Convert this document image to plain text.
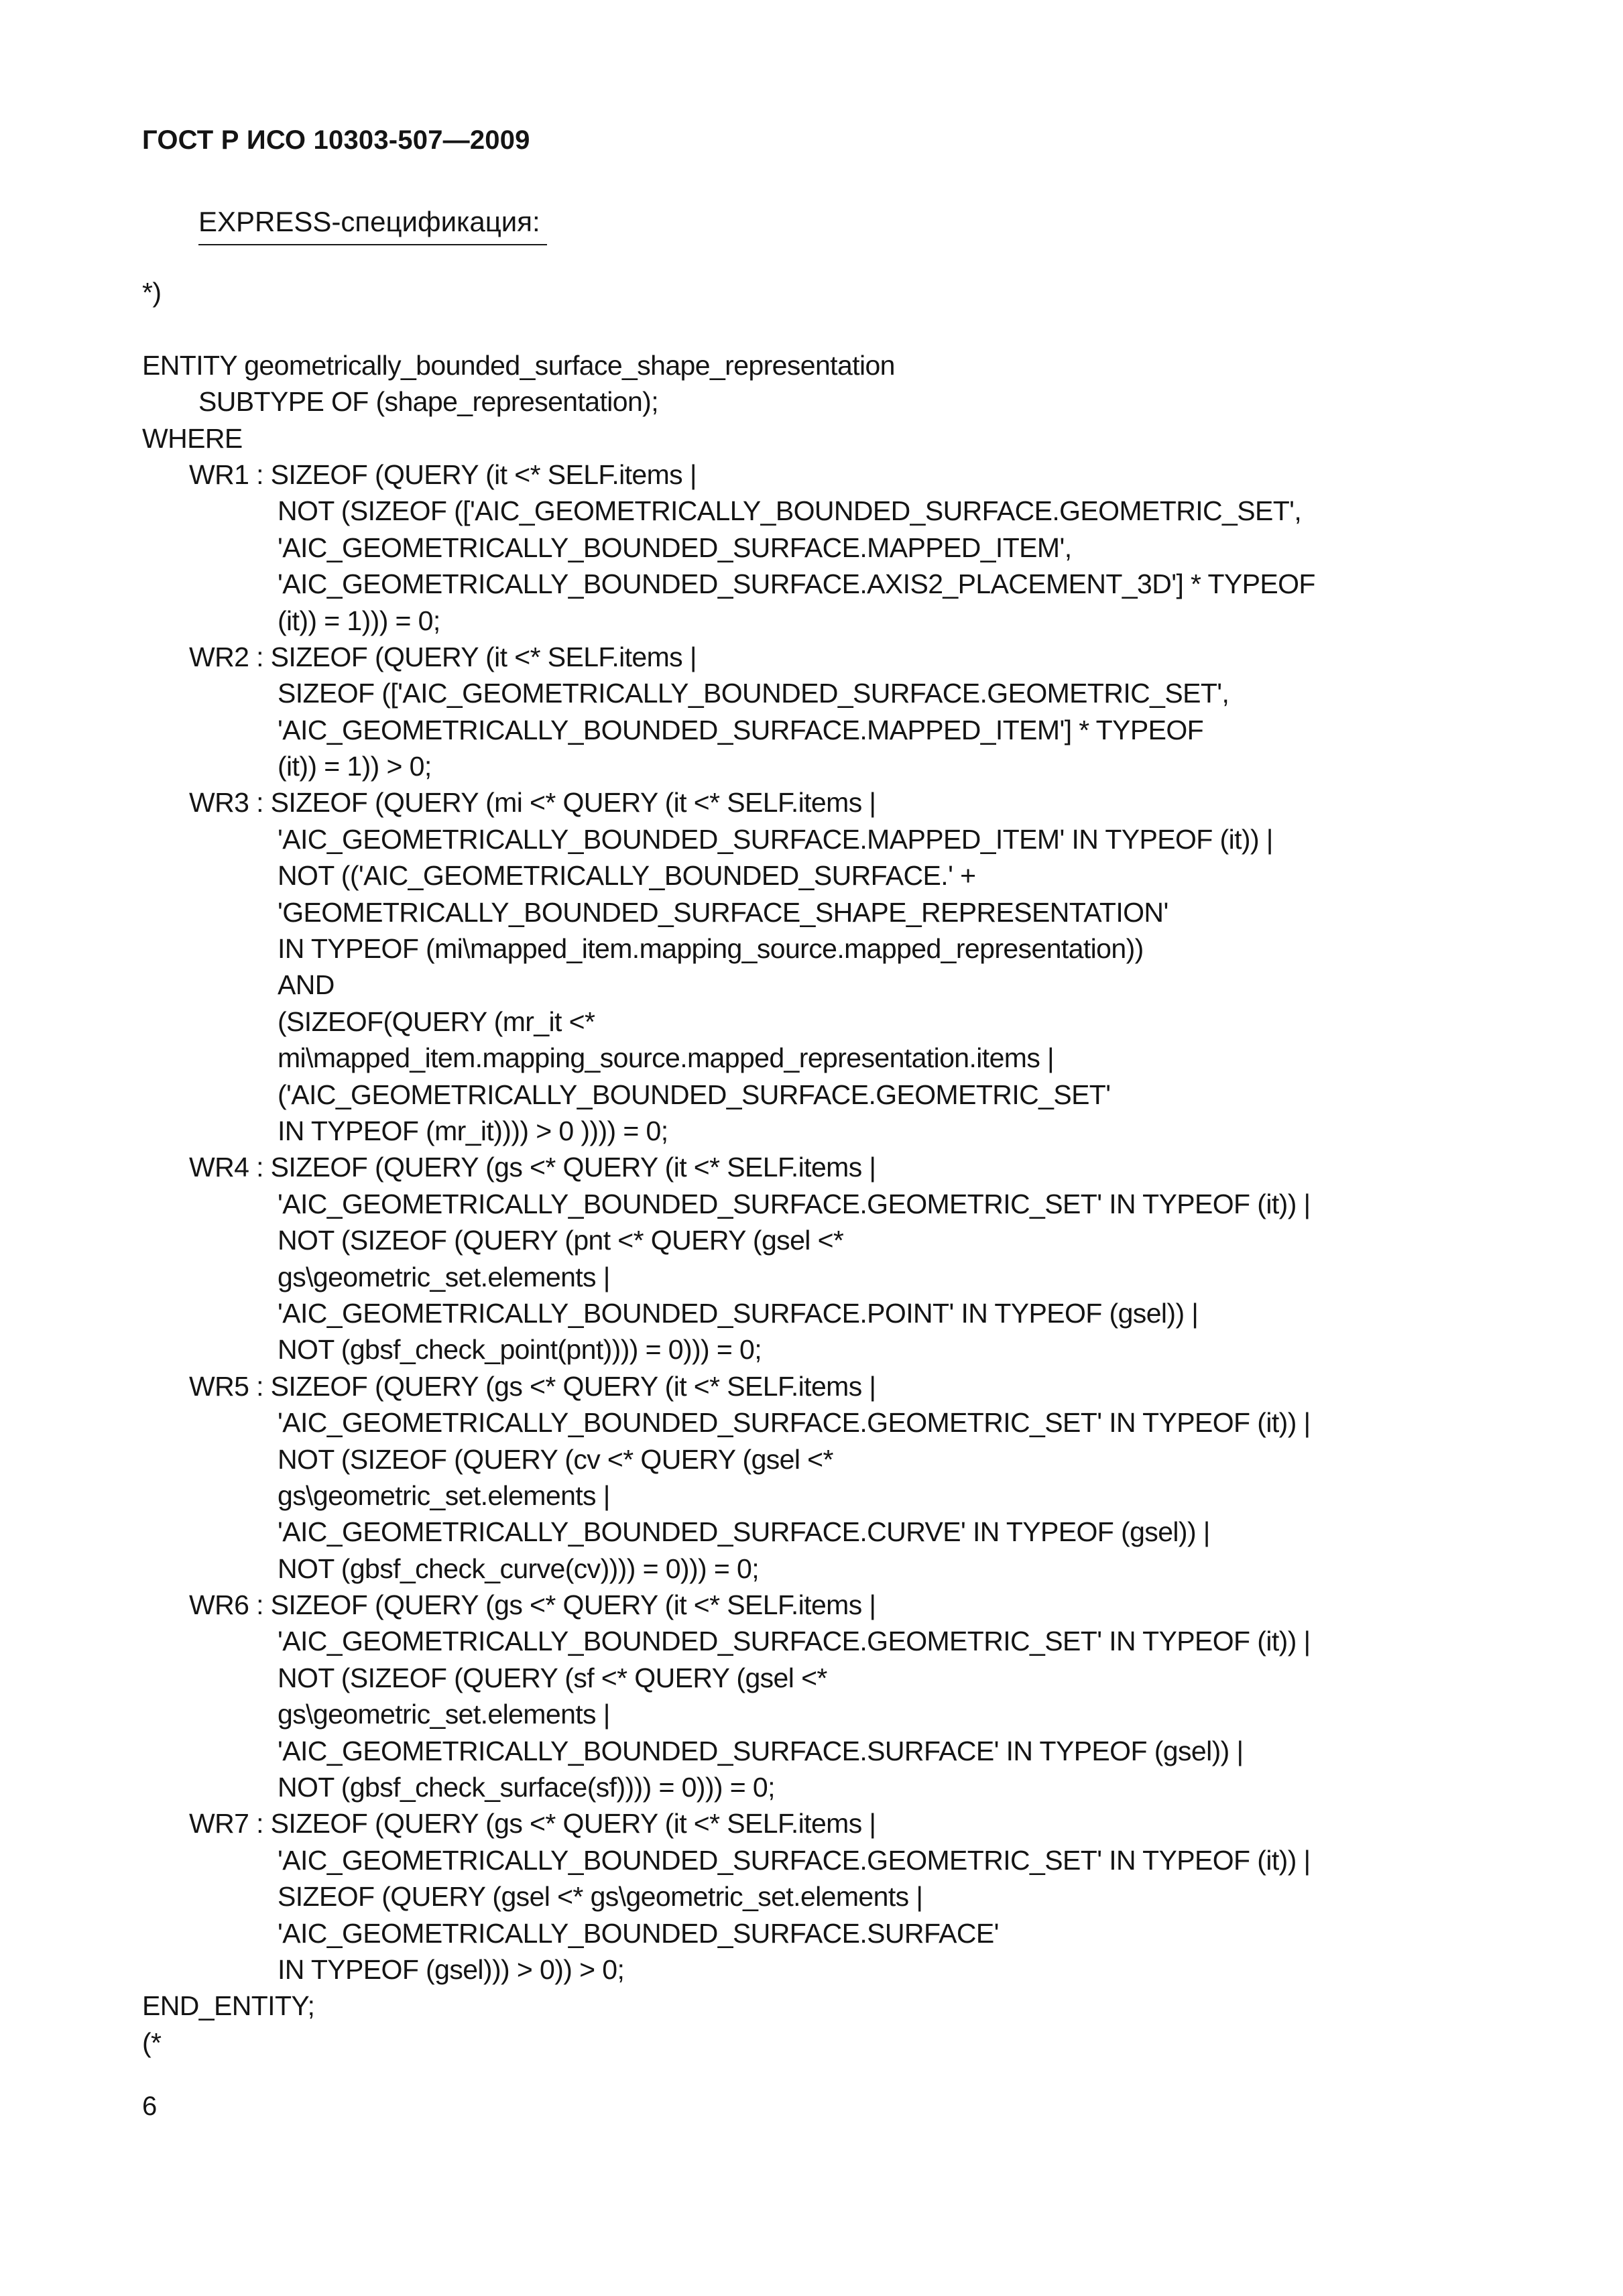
ГОСТ Р ИСО 10303-507—2009
EXPRESS-спецификация:
*)
ENTITY geometrically_bounded_surface_shape_representation
SUBTYPE OF (shape_representation);
WHERE
WR1 : SIZEOF (QUERY (it <* SELF.items |
NOT (SIZEOF (['AIC_GEOMETRICALLY_BOUNDED_SURFACE.GEOMETRIC_SET',
'AIC_GEOMETRICALLY_BOUNDED_SURFACE.MAPPED_ITEM',
'AIC_GEOMETRICALLY_BOUNDED_SURFACE.AXIS2_PLACEMENT_3D'] * TYPEOF
(it)) = 1))) = 0;
WR2 : SIZEOF (QUERY (it <* SELF.items |
SIZEOF (['AIC_GEOMETRICALLY_BOUNDED_SURFACE.GEOMETRIC_SET',
'AIC_GEOMETRICALLY_BOUNDED_SURFACE.MAPPED_ITEM'] * TYPEOF
(it)) = 1)) > 0;
WR3 : SIZEOF (QUERY (mi <* QUERY (it <* SELF.items |
'AIC_GEOMETRICALLY_BOUNDED_SURFACE.MAPPED_ITEM' IN TYPEOF (it)) |
NOT (('AIC_GEOMETRICALLY_BOUNDED_SURFACE.' +
'GEOMETRICALLY_BOUNDED_SURFACE_SHAPE_REPRESENTATION'
IN TYPEOF (mi\mapped_item.mapping_source.mapped_representation))
AND
(SIZEOF(QUERY (mr_it <*
mi\mapped_item.mapping_source.mapped_representation.items |
('AIC_GEOMETRICALLY_BOUNDED_SURFACE.GEOMETRIC_SET'
IN TYPEOF (mr_it)))) > 0 )))) = 0;
WR4 : SIZEOF (QUERY (gs <* QUERY (it <* SELF.items |
'AIC_GEOMETRICALLY_BOUNDED_SURFACE.GEOMETRIC_SET' IN TYPEOF (it)) |
NOT (SIZEOF (QUERY (pnt <* QUERY (gsel <*
gs\geometric_set.elements |
'AIC_GEOMETRICALLY_BOUNDED_SURFACE.POINT' IN TYPEOF (gsel)) |
NOT (gbsf_check_point(pnt)))) = 0))) = 0;
WR5 : SIZEOF (QUERY (gs <* QUERY (it <* SELF.items |
'AIC_GEOMETRICALLY_BOUNDED_SURFACE.GEOMETRIC_SET' IN TYPEOF (it)) |
NOT (SIZEOF (QUERY (cv <* QUERY (gsel <*
gs\geometric_set.elements |
'AIC_GEOMETRICALLY_BOUNDED_SURFACE.CURVE' IN TYPEOF (gsel)) |
NOT (gbsf_check_curve(cv)))) = 0))) = 0;
WR6 : SIZEOF (QUERY (gs <* QUERY (it <* SELF.items |
'AIC_GEOMETRICALLY_BOUNDED_SURFACE.GEOMETRIC_SET' IN TYPEOF (it)) |
NOT (SIZEOF (QUERY (sf <* QUERY (gsel <*
gs\geometric_set.elements |
'AIC_GEOMETRICALLY_BOUNDED_SURFACE.SURFACE' IN TYPEOF (gsel)) |
NOT (gbsf_check_surface(sf)))) = 0))) = 0;
WR7 : SIZEOF (QUERY (gs <* QUERY (it <* SELF.items |
'AIC_GEOMETRICALLY_BOUNDED_SURFACE.GEOMETRIC_SET' IN TYPEOF (it)) |
SIZEOF (QUERY (gsel <* gs\geometric_set.elements |
'AIC_GEOMETRICALLY_BOUNDED_SURFACE.SURFACE'
IN TYPEOF (gsel))) > 0)) > 0;
END_ENTITY;
(*
6
